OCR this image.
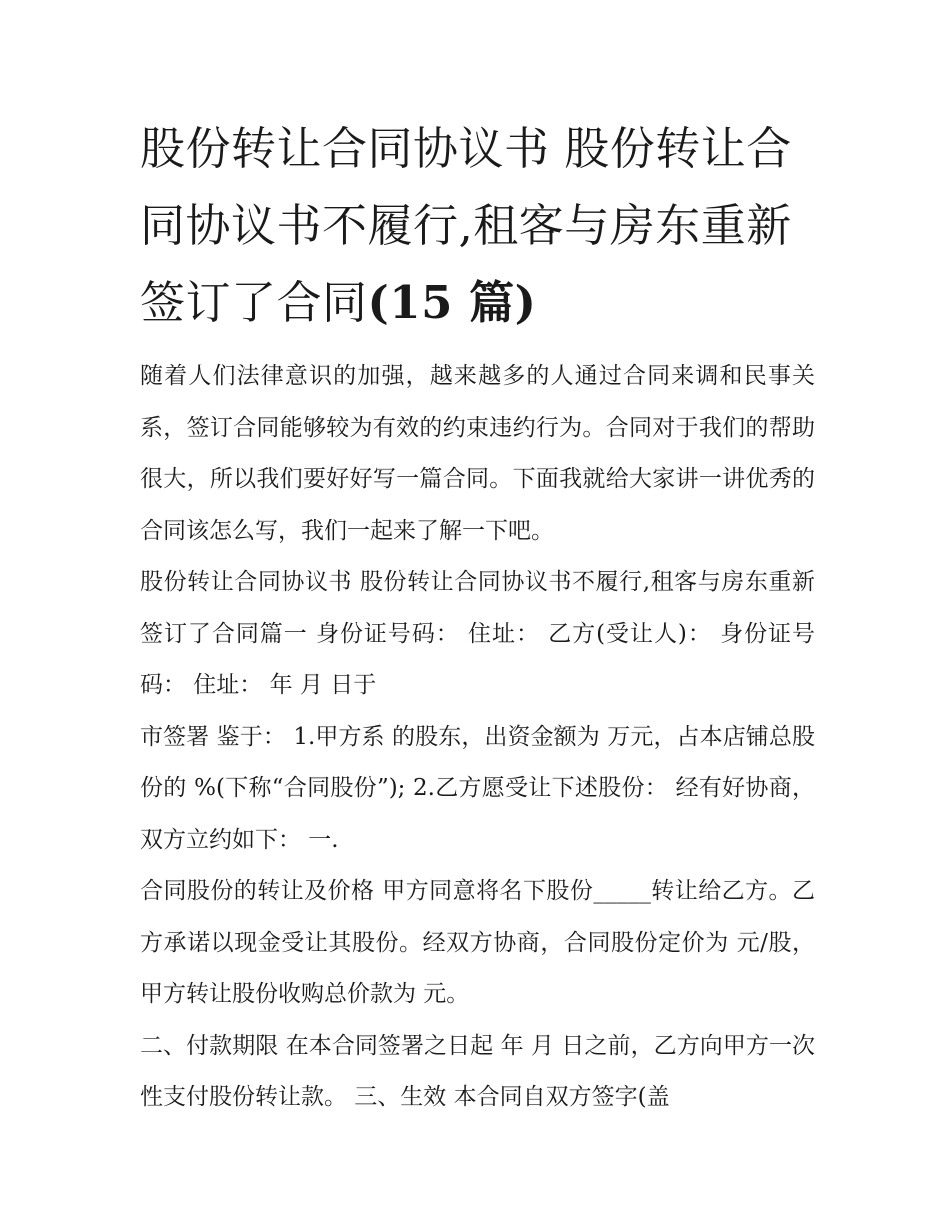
股份转让合同协议书 股份转让合同协议书不履行,租客与房东重新签订了合同(15 篇)

随着人们法律意识的加强，越来越多的人通过合同来调和民事关系，签订合同能够较为有效的约束违约行为。合同对于我们的帮助很大，所以我们要好好写一篇合同。下面我就给大家讲一讲优秀的合同该怎么写，我们一起来了解一下吧。

股份转让合同协议书 股份转让合同协议书不履行,租客与房东重新签订了合同篇一 身份证号码： 住址： 乙方(受让人)： 身份证号码： 住址： 年 月 日于

市签署 鉴于： 1.甲方系 的股东，出资金额为 万元，占本店铺总股份的 %(下称“合同股份”); 2.乙方愿受让下述股份： 经有好协商，双方立约如下： 一.

合同股份的转让及价格 甲方同意将名下股份_____转让给乙方。乙方承诺以现金受让其股份。经双方协商，合同股份定价为 元/股，甲方转让股份收购总价款为 元。

二、付款期限 在本合同签署之日起 年 月 日之前，乙方向甲方一次性支付股份转让款。 三、生效 本合同自双方签字(盖
